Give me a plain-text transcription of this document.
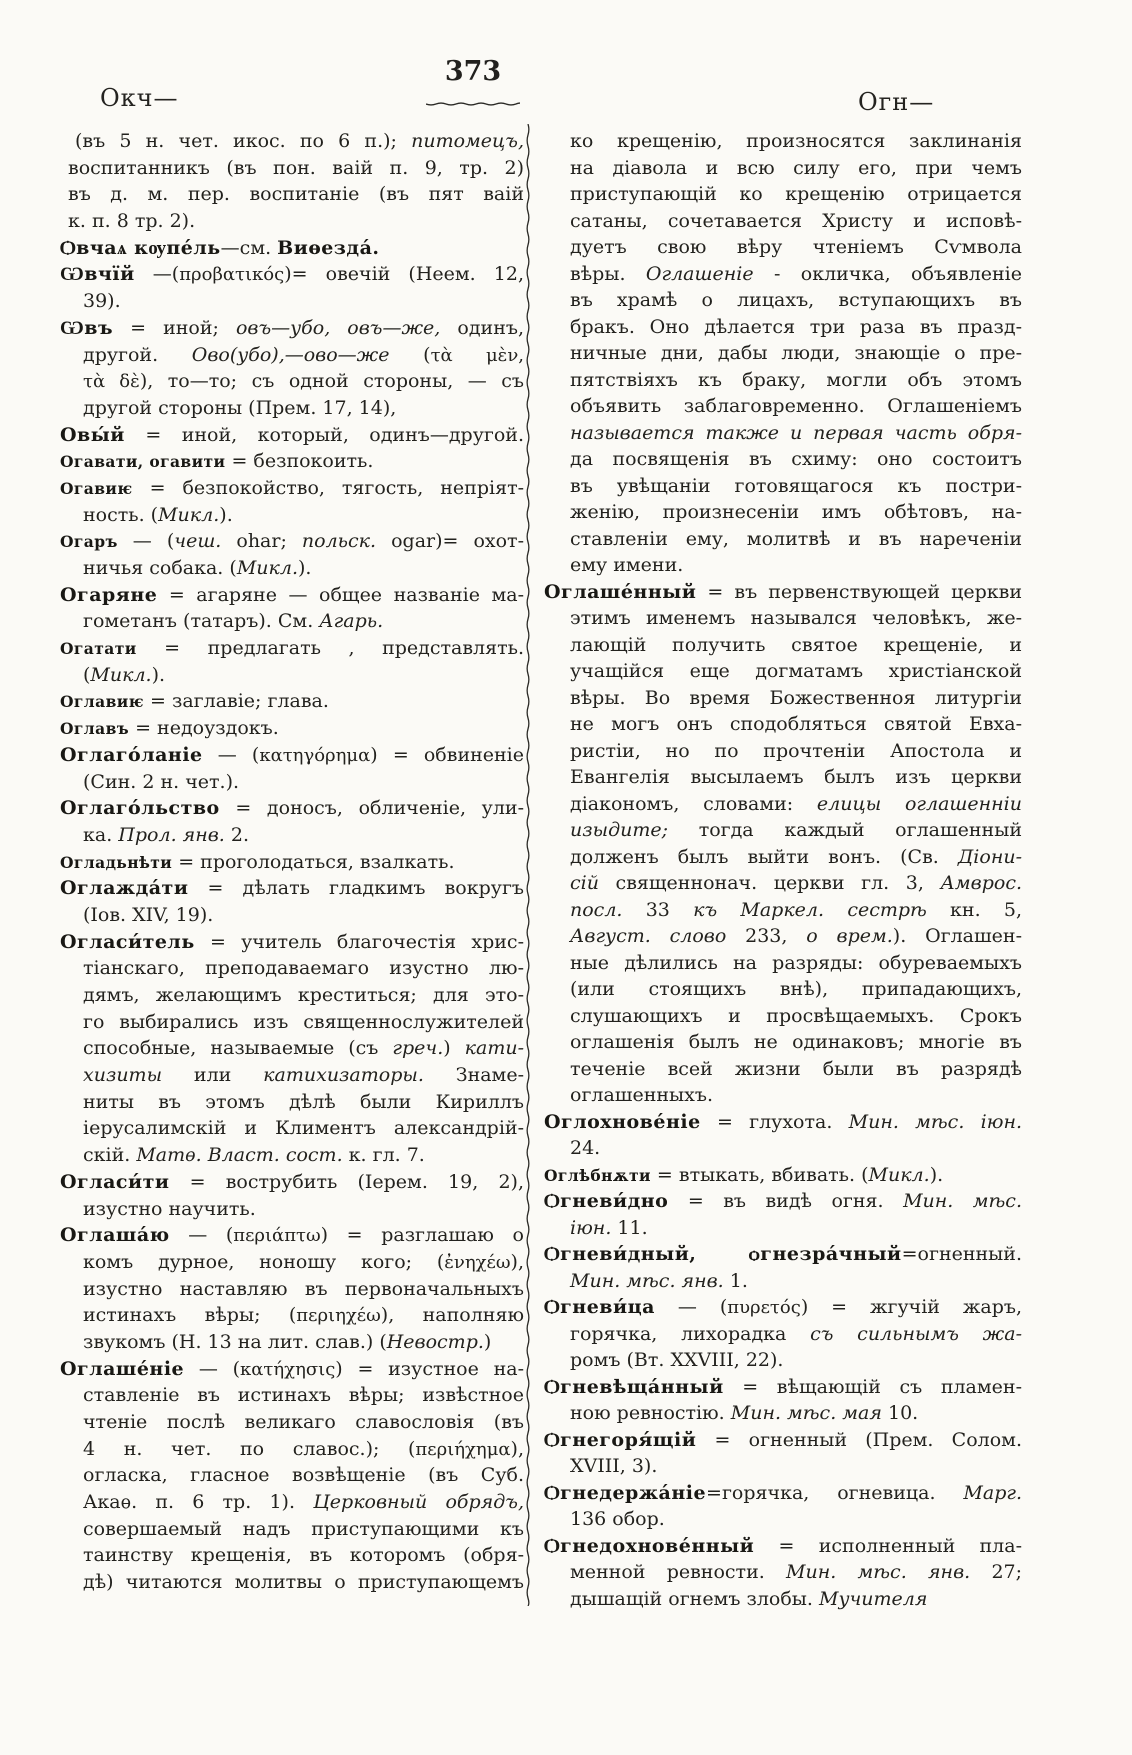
373
Окч—	Огн—
(въ 5 н. чет. икос. по 6 п.); питомецъ,
воспитанникъ (въ пон. ваій п. 9, тр. 2)
въ д. м. пер. воспитаніе (въ пят ваій
к. п. 8 тр. 2).
Ѻвчаѧ кѹпе́ль—см. Виѳезда́.
Ѡвчїй —(προβατικός)= овечій (Неем. 12,
39).
Ѡвъ = иной; овъ—убо, овъ—же, одинъ,
другой. Ово(убо),—ово—же (τὰ μὲν,
τὰ δὲ), то—то; съ одной стороны, — съ
другой стороны (Прем. 17, 14),
Овы́й = иной, который, одинъ—другой.
Огавати, огавити = безпокоить.
Огавиѥ = безпокойство, тягость, непріят-
ность. (Микл.).
Огаръ — (чеш. ohar; польск. ogar)= охот-
ничья собака. (Микл.).
Огаряне = агаряне — общее названіе ма-
гометанъ (татаръ). См. Агарь.
Огатати = предлагать , представлять.
(Микл.).
Оглавиѥ = заглавіе; глава.
Оглавъ = недоуздокъ.
Оглаго́ланіе — (κατηγόρημα) = обвиненіе
(Син. 2 н. чет.).
Оглаго́льство = доносъ, обличеніе, ули-
ка. Прол. янв. 2.
Огладьнѣти = проголодаться, взалкать.
Оглажда́ти = дѣлать гладкимъ вокругъ
(Іов. XIV, 19).
Огласи́тель = учитель благочестія хрис-
тіанскаго, преподаваемаго изустно лю-
дямъ, желающимъ креститься; для это-
го выбирались изъ священнослужителей
способные, называемые (съ греч.) кати-
хизиты или катихизаторы. Знаме-
ниты въ этомъ дѣлѣ были Кириллъ
іерусалимскій и Климентъ александрій-
скій. Матѳ. Власт. сост. к. гл. 7.
Огласи́ти = вострубить (Іерем. 19, 2),
изустно научить.
Оглаша́ю — (περιάπτω) = разглашаю о
комъ дурное, ноношу кого; (ἐνηχέω),
изустно наставляю въ первоначальныхъ
истинахъ вѣры; (περιηχέω), наполняю
звукомъ (Н. 13 на лит. слав.) (Невостр.)
Оглаше́ніе — (κατήχησις) = изустное на-
ставленіе въ истинахъ вѣры; извѣстное
чтеніе послѣ великаго славословія (въ
4 н. чет. по славос.); (περιήχημα),
огласка, гласное возвѣщеніе (въ Суб.
Акаѳ. п. 6 тр. 1). Церковный обрядъ,
совершаемый надъ приступающими къ
таинству крещенія, въ которомъ (обря-
дѣ) читаются молитвы о приступающемъ
ко крещенію, произносятся заклинанія
на діавола и всю силу его, при чемъ
приступающій ко крещенію отрицается
сатаны, сочетавается Христу и исповѣ-
дуетъ свою вѣру чтеніемъ Сѵмвола
вѣры. Оглашеніе - окличка, объявленіе
въ храмѣ о лицахъ, вступающихъ въ
бракъ. Оно дѣлается три раза въ празд-
ничные дни, дабы люди, знающіе о пре-
пятствіяхъ къ браку, могли объ этомъ
объявить заблаговременно. Оглашеніемъ
называется также и первая часть обря-
да посвященія въ схиму: оно состоитъ
въ увѣщаніи готовящагося къ постри-
женію, произнесеніи имъ обѣтовъ, на-
ставленіи ему, молитвѣ и въ нареченіи
ему имени.
Оглаше́нный = въ первенствующей церкви
этимъ именемъ назывался человѣкъ, же-
лающій получить святое крещеніе, и
учащійся еще догматамъ христіанской
вѣры. Во время Божественноя литургіи
не могъ онъ сподобляться святой Евха-
ристіи, но по прочтеніи Апостола и
Евангелія высылаемъ былъ изъ церкви
діакономъ, словами: елицы оглашенніи
изыдите; тогда каждый оглашенный
долженъ былъ выйти вонъ. (Св. Діони-
сій священнонач. церкви гл. 3, Амврос.
посл. 33 къ Маркел. сестрѣ кн. 5,
Август. слово 233, о врем.). Оглашен-
ные дѣлились на разряды: обуреваемыхъ
(или стоящихъ внѣ), припадающихъ,
слушающихъ и просвѣщаемыхъ. Срокъ
оглашенія былъ не одинаковъ; многіе въ
теченіе всей жизни были въ разрядѣ
оглашенныхъ.
Оглохнове́ніе = глухота. Мин. мѣс. іюн.
24.
Оглѣбнѫти = втыкать, вбивать. (Микл.).
Ѻгневи́дно = въ видѣ огня. Мин. мѣс.
іюн. 11.
Ѻгневи́дный, ѻгнезра́чный=огненный.
Мин. мѣс. янв. 1.
Ѻгневи́ца — (πυρετός) = жгучій жаръ,
горячка, лихорадка съ сильнымъ жа-
ромъ (Вт. XXVIII, 22).
Ѻгневѣща́нный = вѣщающій съ пламен-
ною ревностію. Мин. мѣс. мая 10.
Ѻгнегоря́щій = огненный (Прем. Солом.
XVIII, 3).
Ѻгнедержа́ніе=горячка, огневица. Марг.
136 обор.
Ѻгнедохнове́нный = исполненный пла-
менной ревности. Мин. мѣс. янв. 27;
дышащій огнемъ злобы. Мучителя
